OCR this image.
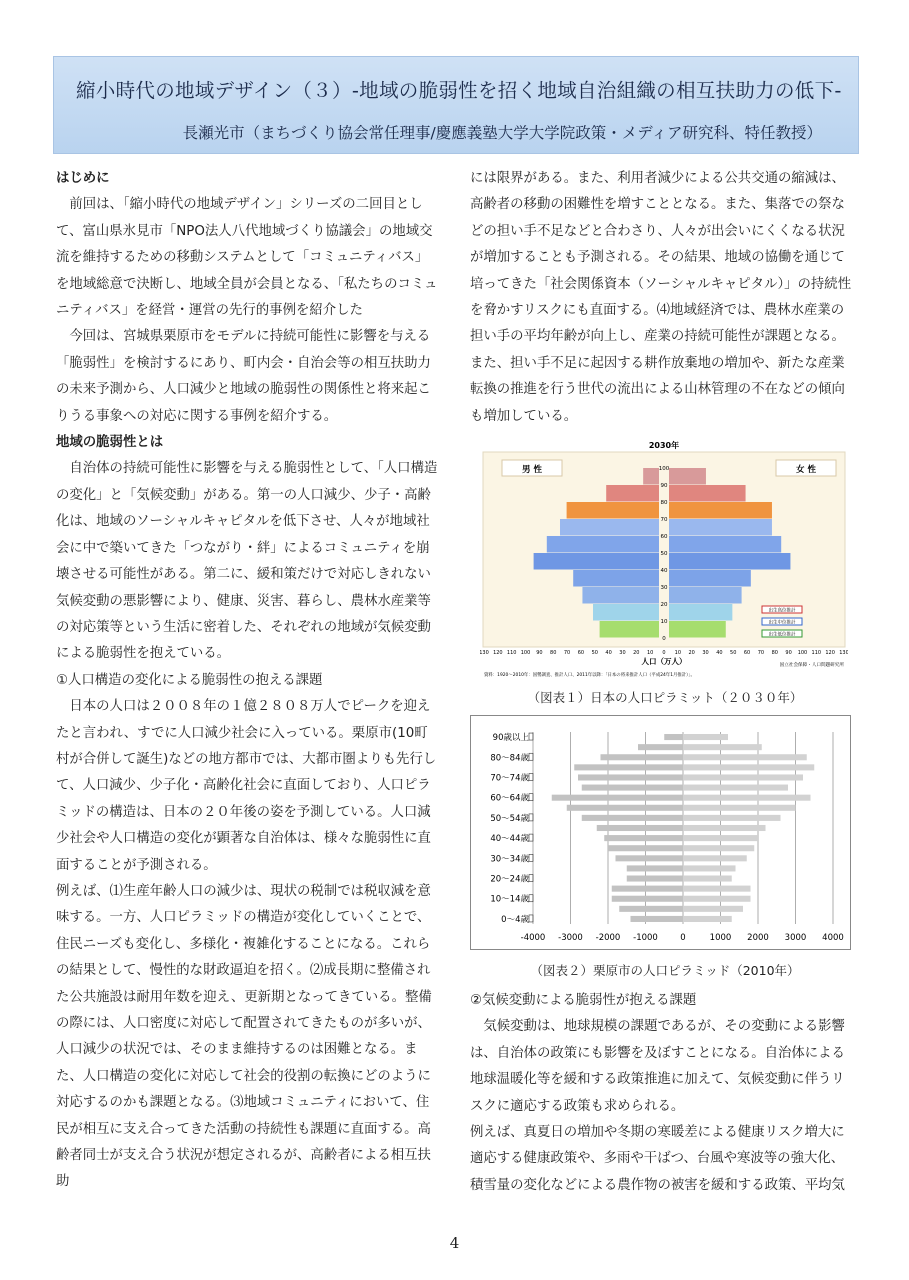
縮小時代の地域デザイン（３）-地域の脆弱性を招く地域自治組織の相互扶助力の低下-
長瀬光市（まちづくり協会常任理事/慶應義塾大学大学院政策・メディア研究科、特任教授）

はじめに

前回は、「縮小時代の地域デザイン」シリーズの二回目として、富山県氷見市「NPO法人八代地域づくり協議会」の地域交流を維持するための移動システムとして「コミュニティバス」を地域総意で決断し、地域全員が会員となる、「私たちのコミュニティバス」を経営・運営の先行的事例を紹介した

今回は、宮城県栗原市をモデルに持続可能性に影響を与える「脆弱性」を検討するにあり、町内会・自治会等の相互扶助力の未来予測から、人口減少と地域の脆弱性の関係性と将来起こりうる事象への対応に関する事例を紹介する。

地域の脆弱性とは

自治体の持続可能性に影響を与える脆弱性として、「人口構造の変化」と「気候変動」がある。第一の人口減少、少子・高齢化は、地域のソーシャルキャピタルを低下させ、人々が地域社会に中で築いてきた「つながり・絆」によるコミュニティを崩壊させる可能性がある。第二に、緩和策だけで対応しきれない気候変動の悪影響により、健康、災害、暮らし、農林水産業等の対応策等という生活に密着した、それぞれの地域が気候変動による脆弱性を抱えている。

①人口構造の変化による脆弱性の抱える課題

日本の人口は２００８年の１億２８０８万人でピークを迎えたと言われ、すでに人口減少社会に入っている。栗原市(10町村が合併して誕生)などの地方都市では、大都市圏よりも先行して、人口減少、少子化・高齢化社会に直面しており、人口ピラミッドの構造は、日本の２０年後の姿を予測している。人口減少社会や人口構造の変化が顕著な自治体は、様々な脆弱性に直面することが予測される。

例えば、⑴生産年齢人口の減少は、現状の税制では税収減を意味する。一方、人口ピラミッドの構造が変化していくことで、住民ニーズも変化し、多様化・複雑化することになる。これらの結果として、慢性的な財政逼迫を招く。⑵成長期に整備された公共施設は耐用年数を迎え、更新期となってきている。整備の際には、人口密度に対応して配置されてきたものが多いが、人口減少の状況では、そのまま維持するのは困難となる。また、人口構造の変化に対応して社会的役割の転換にどのように対応するのかも課題となる。⑶地域コミュニティにおいて、住民が相互に支え合ってきた活動の持続性も課題に直面する。高齢者同士が支え合う状況が想定されるが、高齢者による相互扶助

には限界がある。また、利用者減少による公共交通の縮減は、高齢者の移動の困難性を増すこととなる。また、集落での祭などの担い手不足などと合わさり、人々が出会いにくくなる状況が増加することも予測される。その結果、地域の協働を通じて培ってきた「社会関係資本（ソーシャルキャピタル）」の持続性を脅かすリスクにも直面する。⑷地域経済では、農林水産業の担い手の平均年齢が向上し、産業の持続可能性が課題となる。また、担い手不足に起因する耕作放棄地の増加や、新たな産業転換の推進を行う世代の流出による山林管理の不在などの傾向も増加している。

2030年
男 性	女 性
0
10
20
30
40
50
60
70
80
90
100
130 120 110 100 90 80 70 60 50 40 30 20 10 0 10 20 30 40 50 60 70 80 90 100 110 120 130
出生高位推計
出生中位推計
出生低位推計
人口（万人）
資料：1920〜2010年：国勢調査、推計人口、2011年以降：「日本の将来推計人口（平成24年1月推計）」。
国立社会保障・人口問題研究所
（図表１）日本の人口ピラミット（２０３０年）
90歳以上
80〜84歳
70〜74歳
60〜64歳
50〜54歳
40〜44歳
30〜34歳
20〜24歳
10〜14歳
0〜4歳
-4000 -3000 -2000 -1000	0	1000 2000 3000 4000
（図表２）栗原市の人口ピラミッド（2010年）

②気候変動による脆弱性が抱える課題

気候変動は、地球規模の課題であるが、その変動による影響は、自治体の政策にも影響を及ぼすことになる。自治体による地球温暖化等を緩和する政策推進に加えて、気候変動に伴うリスクに適応する政策も求められる。

例えば、真夏日の増加や冬期の寒暖差による健康リスク増大に適応する健康政策や、多雨や干ばつ、台風や寒波等の強大化、積雪量の変化などによる農作物の被害を緩和する政策、平均気

4
